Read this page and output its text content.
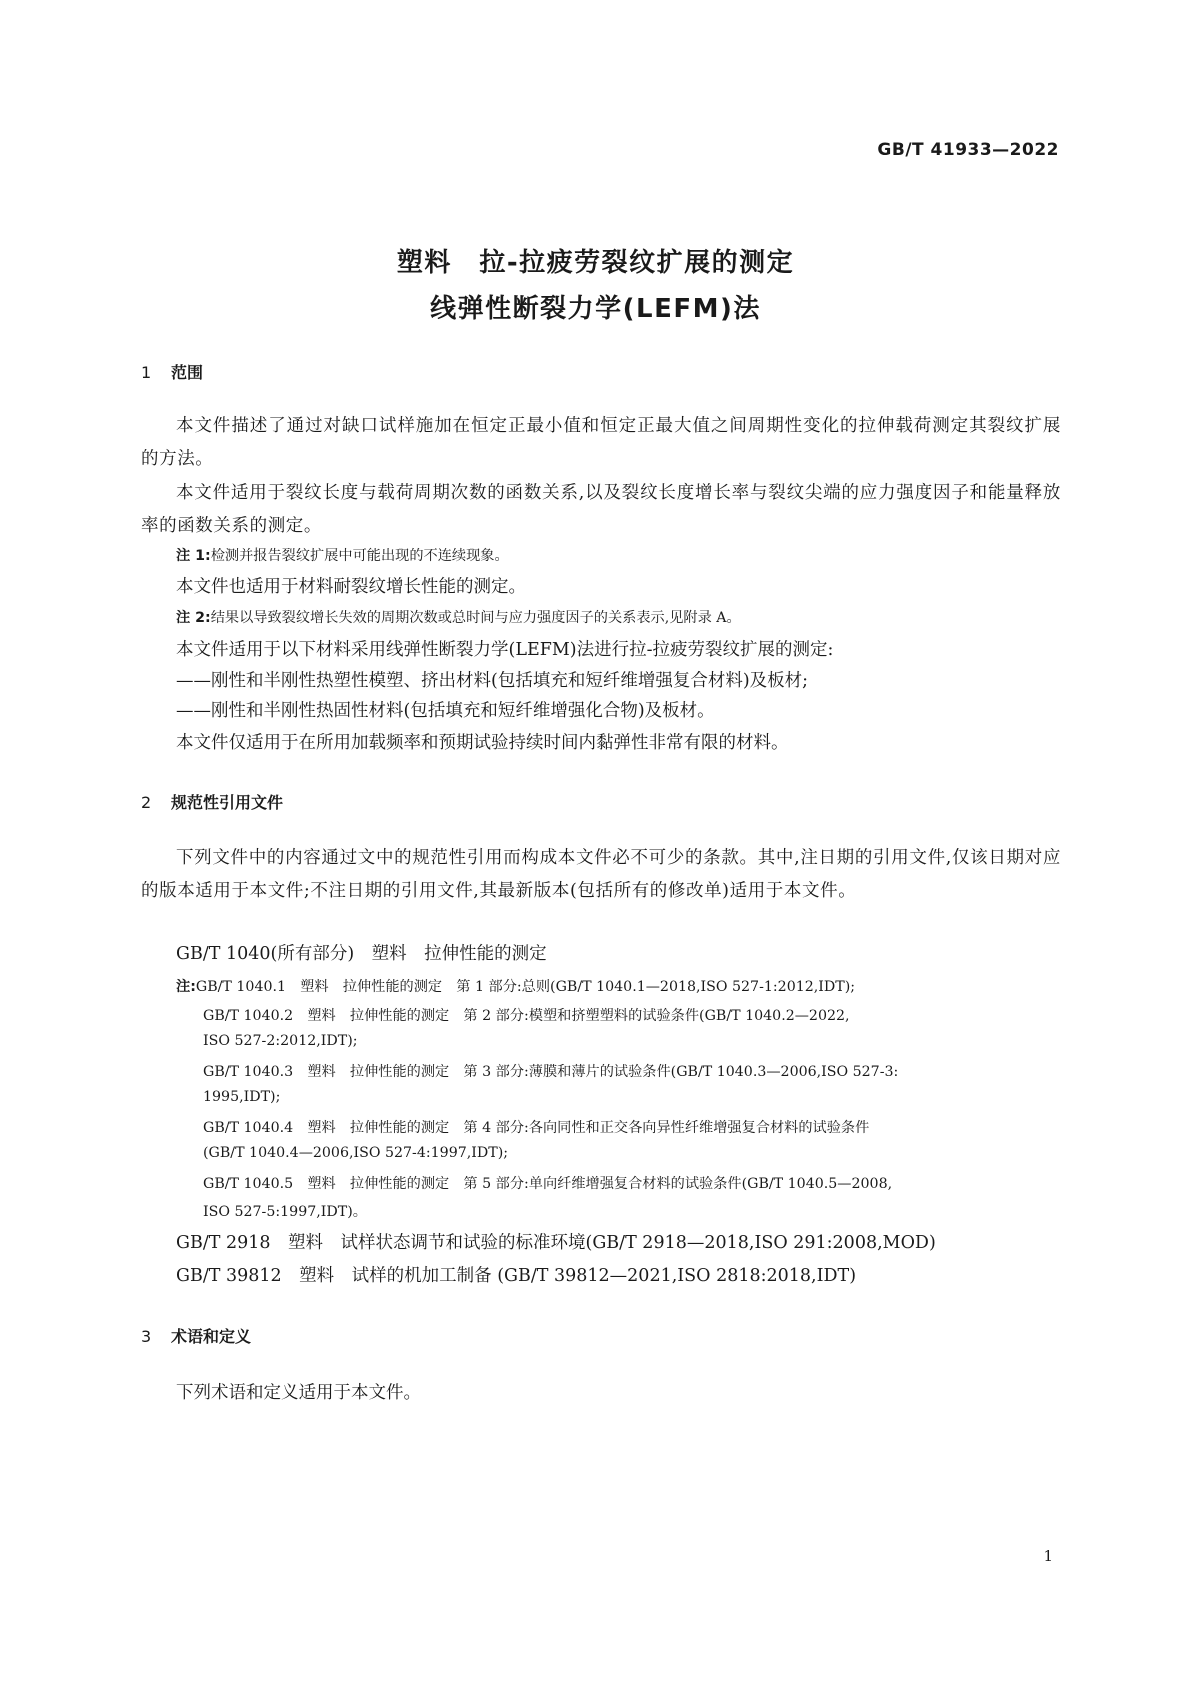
GB/T 41933—2022
塑料　拉-拉疲劳裂纹扩展的测定
线弹性断裂力学(LEFM)法
1 范围
本文件描述了通过对缺口试样施加在恒定正最小值和恒定正最大值之间周期性变化的拉伸载荷测定其裂纹扩展的方法。
本文件适用于裂纹长度与载荷周期次数的函数关系,以及裂纹长度增长率与裂纹尖端的应力强度因子和能量释放率的函数关系的测定。
注 1:检测并报告裂纹扩展中可能出现的不连续现象。
本文件也适用于材料耐裂纹增长性能的测定。
注 2:结果以导致裂纹增长失效的周期次数或总时间与应力强度因子的关系表示,见附录 A。
本文件适用于以下材料采用线弹性断裂力学(LEFM)法进行拉-拉疲劳裂纹扩展的测定:
——刚性和半刚性热塑性模塑、挤出材料(包括填充和短纤维增强复合材料)及板材;
——刚性和半刚性热固性材料(包括填充和短纤维增强化合物)及板材。
本文件仅适用于在所用加载频率和预期试验持续时间内黏弹性非常有限的材料。
2 规范性引用文件
下列文件中的内容通过文中的规范性引用而构成本文件必不可少的条款。其中,注日期的引用文件,仅该日期对应的版本适用于本文件;不注日期的引用文件,其最新版本(包括所有的修改单)适用于本文件。
GB/T 1040(所有部分)　塑料　拉伸性能的测定
注:GB/T 1040.1　塑料　拉伸性能的测定　第 1 部分:总则(GB/T 1040.1—2018,ISO 527-1:2012,IDT);
GB/T 1040.2　塑料　拉伸性能的测定　第 2 部分:模塑和挤塑塑料的试验条件(GB/T 1040.2—2022,
ISO 527-2:2012,IDT);
GB/T 1040.3　塑料　拉伸性能的测定　第 3 部分:薄膜和薄片的试验条件(GB/T 1040.3—2006,ISO 527-3:
1995,IDT);
GB/T 1040.4　塑料　拉伸性能的测定　第 4 部分:各向同性和正交各向异性纤维增强复合材料的试验条件
(GB/T 1040.4—2006,ISO 527-4:1997,IDT);
GB/T 1040.5　塑料　拉伸性能的测定　第 5 部分:单向纤维增强复合材料的试验条件(GB/T 1040.5—2008,
ISO 527-5:1997,IDT)。
GB/T 2918　塑料　试样状态调节和试验的标准环境(GB/T 2918—2018,ISO 291:2008,MOD)
GB/T 39812　塑料　试样的机加工制备 (GB/T 39812—2021,ISO 2818:2018,IDT)
3 术语和定义
下列术语和定义适用于本文件。
1
